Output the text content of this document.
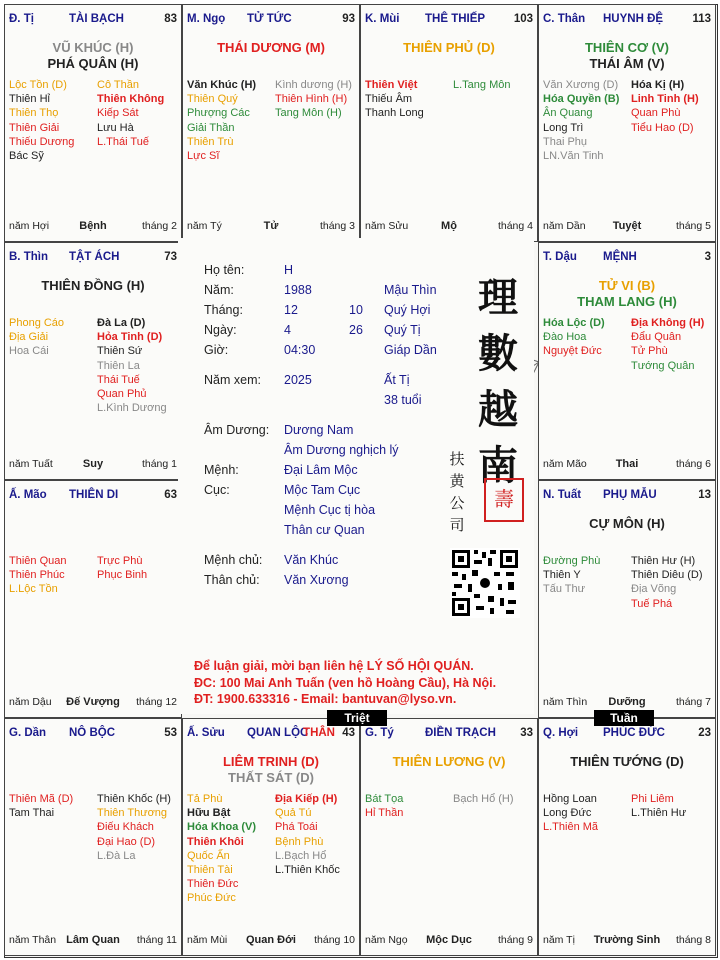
Đ. Tị	TÀI BẠCH	83
VŨ KHÚC (H)
PHÁ QUÂN (H)
Lộc Tồn (D)
Thiên Hỉ
Thiên Thọ
Thiên Giải
Thiếu Dương
Bác Sỹ
Cô Thần
Thiên Không
Kiếp Sát
Lưu Hà
L.Thái Tuế
năm Hợi	Bệnh	tháng 2
M. Ngọ TỬ TỨC	93
THÁI DƯƠNG (M)
Văn Khúc (H)
Thiên Quý
Phượng Các
Giải Thần
Thiên Trù
Lực Sĩ
Kình dương (H)
Thiên Hình (H)
Tang Môn (H)
năm Tý	Tử	tháng 3
K. Mùi THÊ THIẾP	103
THIÊN PHỦ (D)
Thiên Việt
Thiếu Âm
Thanh Long
L.Tang Môn
năm Sửu	Mộ	tháng 4
C. Thân HUYNH ĐỆ	113
THIÊN CƠ (V)
THÁI ÂM (V)
Văn Xương (D)
Hóa Quyền (B)
Ân Quang
Long Trì
Thai Phụ
LN.Văn Tinh
Hóa Kị (H)
Linh Tinh (H)
Quan Phù
Tiểu Hao (D)
năm Dần	Tuyệt	tháng 5
B. Thìn TẬT ÁCH	73
THIÊN ĐỒNG (H)
Phong Cáo
Địa Giải
Hoa Cái
Đà La (D)
Hỏa Tinh (D)
Thiên Sứ
Thiên La
Thái Tuế
Quan Phủ
L.Kình Dương
năm Tuất	Suy	tháng 1
T. Dậu MỆNH	3
TỬ VI (B)
THAM LANG (H)
Hóa Lộc (D)
Đào Hoa
Nguyệt Đức
Địa Không (H)
Đẩu Quân
Tử Phù
Tướng Quân
năm Mão	Thai	tháng 6
Ấ. Mão THIÊN DI	63
Thiên Quan
Thiên Phúc
L.Lộc Tồn
Trực Phù
Phục Binh
năm Dậu	Đế Vượng	tháng 12
N. Tuất PHỤ MẪU	13
CỰ MÔN (H)
Đường Phù
Thiên Y
Tấu Thư
Thiên Hư (H)
Thiên Diêu (D)
Địa Võng
Tuế Phá
năm Thìn	Dưỡng	tháng 7
G. Dần NÔ BỘC	53
Thiên Mã (D)
Tam Thai
Thiên Khốc (H)
Thiên Thương
Điếu Khách
Đại Hao (D)
L.Đà La
năm Thân Lâm Quan	tháng 11
Ấ. Sửu QUAN LỘC
THÂN 43
LIÊM TRINH (D)
THẤT SÁT (D)
Tả Phù
Hữu Bật
Hóa Khoa (V)
Thiên Khôi
Quốc Ấn
Thiên Tài
Thiên Đức
Phúc Đức
Địa Kiếp (H)
Quả Tú
Phá Toái
Bệnh Phù
L.Bạch Hổ
L.Thiên Khốc
năm Mùi	Quan Đới	tháng 10
G. Tý	ĐIỀN TRẠCH 33
THIÊN LƯƠNG (V)
Bát Tọa
Hỉ Thần
Bạch Hổ (H)
năm Ngọ	Mộc Dục	tháng 9
Q. Hợi PHÚC ĐỨC	23
THIÊN TƯỚNG (D)
Hồng Loan
Long Đức
L.Thiên Mã
Phi Liêm
L.Thiên Hư
năm Tị	Trường Sinh	tháng 8
Họ tên:	H
Năm:	1988	Mậu Thìn
Tháng:	12	10 Quý Hợi
Ngày:	4	26 Quý Tị
Giờ:	04:30	Giáp Dần
Năm xem: 2025	Ất Tị
38 tuổi
Âm Dương: Dương Nam
Âm Dương nghịch lý
Mệnh:	Đại Lâm Mộc
Cục:	Mộc Tam Cục
Mệnh Cục tị hòa
Thân cư Quan
Mệnh chủ: Văn Khúc
Thân chủ: Văn Xương
理
數
越
南
扶
黄
公
司
壽
Để luận giải, mời bạn liên hệ LÝ SỐ HỘI QUÁN.
ĐC: 100 Mai Anh Tuấn (ven hồ Hoàng Cầu), Hà Nội.
ĐT: 1900.633316 - Email: bantuvan@lyso.vn.
Triệt	Tuần
